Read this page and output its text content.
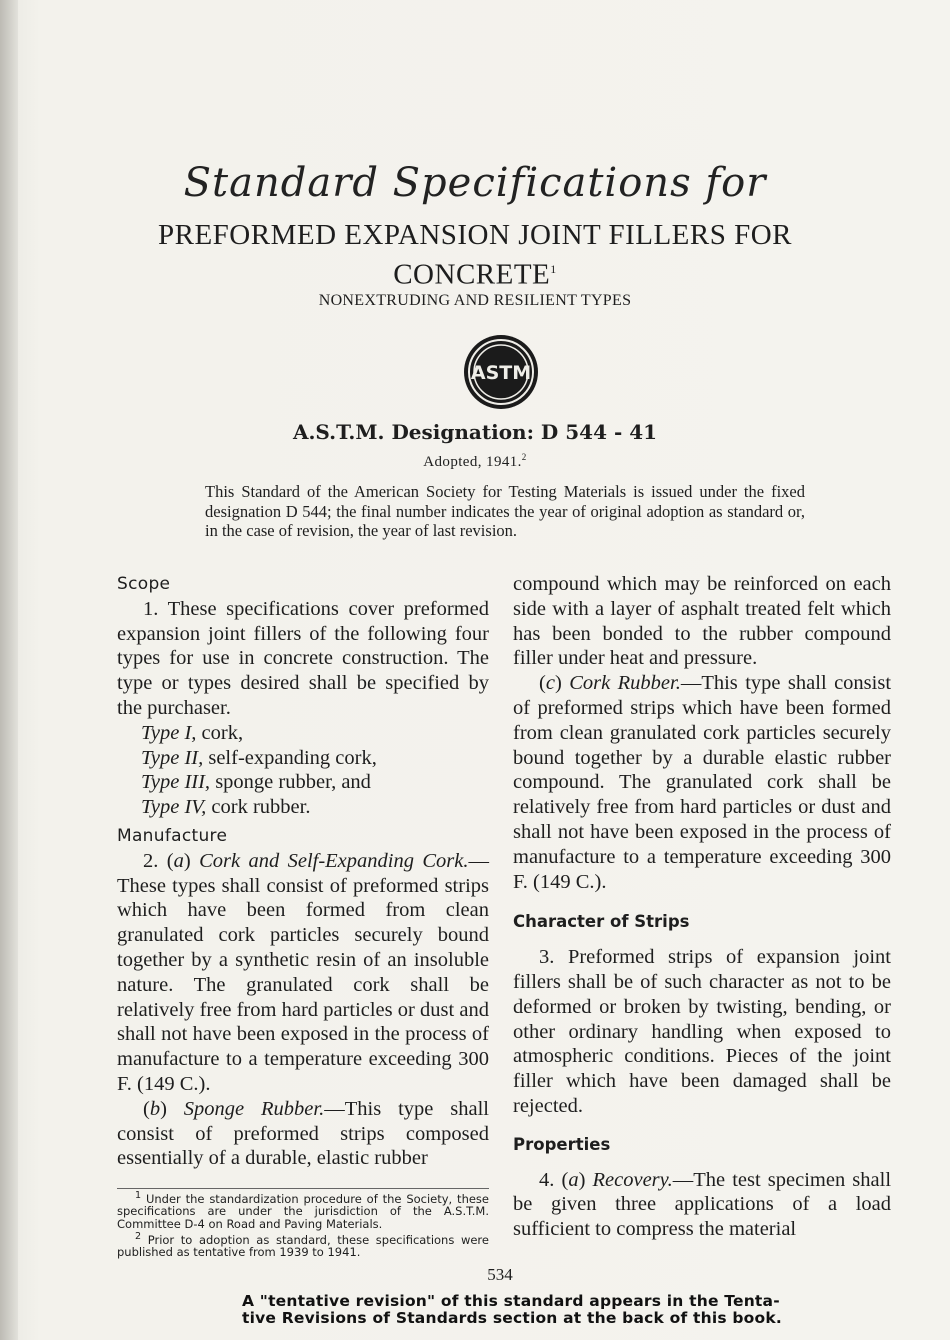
Standard Specifications for
PREFORMED EXPANSION JOINT FILLERS FOR
CONCRETE$^1$
NONEXTRUDING AND RESILIENT TYPES
ASTM
A.S.T.M. Designation: D 544 - 41
Adopted, 1941.$^2$
This Standard of the American Society for Testing Materials is issued under the fixed designation D 544; the final number indicates the year of original adoption as standard or, in the case of revision, the year of last revision.

Scope

1. These specifications cover preformed expansion joint fillers of the following four types for use in concrete construction. The type or types desired shall be specified by the purchaser.

Type I, cork,
Type II, self-expanding cork,
Type III, sponge rubber, and
Type IV, cork rubber.

Manufacture

2. (a) Cork and Self-Expanding Cork.—These types shall consist of preformed strips which have been formed from clean granulated cork particles securely bound together by a synthetic resin of an insoluble nature. The granulated cork shall be relatively free from hard particles or dust and shall not have been exposed in the process of manufacture to a temperature exceeding 300 F. (149 C.).

(b) Sponge Rubber.—This type shall consist of preformed strips composed essentially of a durable, elastic rubber

$^1$ Under the standardization procedure of the Society, these specifications are under the jurisdiction of the A.S.T.M. Committee D-4 on Road and Paving Materials.

$^2$ Prior to adoption as standard, these specifications were published as tentative from 1939 to 1941.

compound which may be reinforced on each side with a layer of asphalt treated felt which has been bonded to the rubber compound filler under heat and pressure.

(c) Cork Rubber.—This type shall consist of preformed strips which have been formed from clean granulated cork particles securely bound together by a durable elastic rubber compound. The granulated cork shall be relatively free from hard particles or dust and shall not have been exposed in the process of manufacture to a temperature exceeding 300 F. (149 C.).

Character of Strips

3. Preformed strips of expansion joint fillers shall be of such character as not to be deformed or broken by twisting, bending, or other ordinary handling when exposed to atmospheric conditions. Pieces of the joint filler which have been damaged shall be rejected.

Properties

4. (a) Recovery.—The test specimen shall be given three applications of a load sufficient to compress the material

534
A "tentative revision" of this standard appears in the Tenta-
tive Revisions of Standards section at the back of this book.
